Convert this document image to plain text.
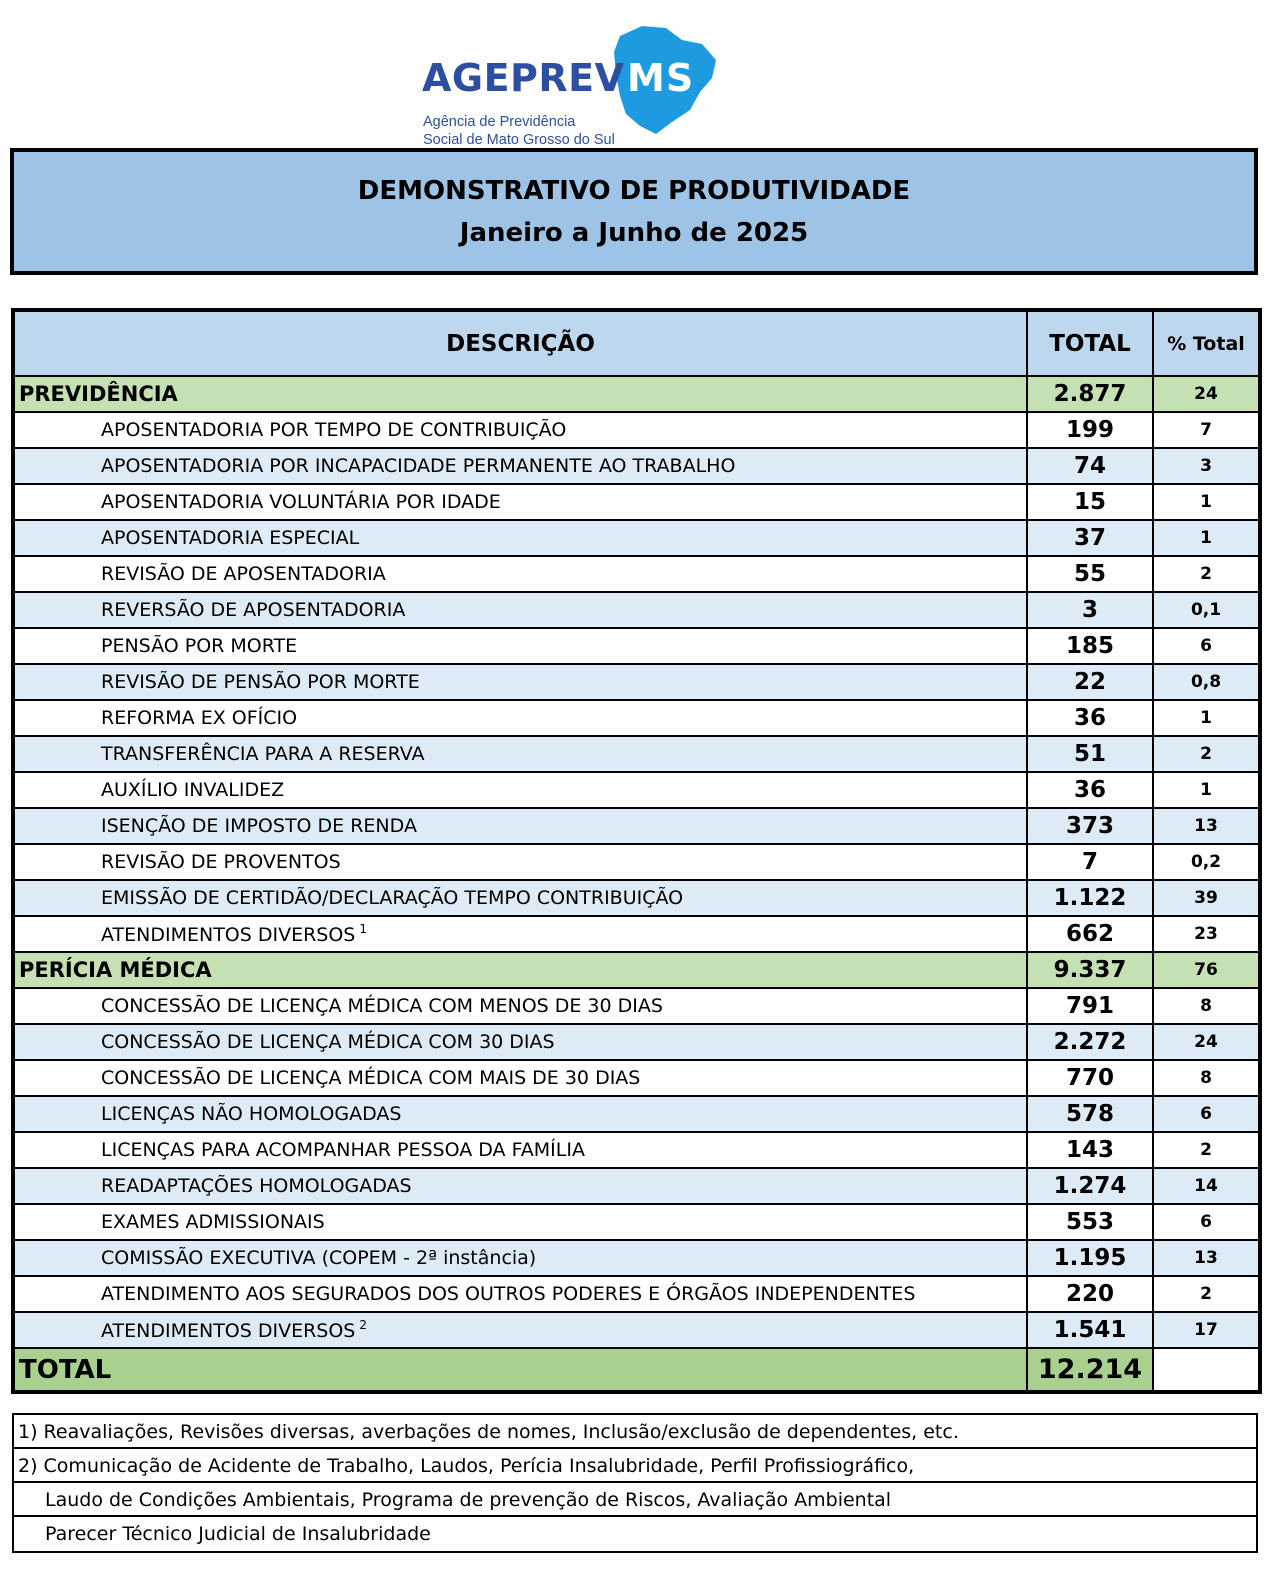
AGEPREV MS
Agência de Previdência
Social de Mato Grosso do Sul
DEMONSTRATIVO DE PRODUTIVIDADE
Janeiro a Junho de 2025
DESCRIÇÃO	TOTAL	% Total
PREVIDÊNCIA	2.877	24
APOSENTADORIA POR TEMPO DE CONTRIBUIÇÃO	199	7
APOSENTADORIA POR INCAPACIDADE PERMANENTE AO TRABALHO	74	3
APOSENTADORIA VOLUNTÁRIA POR IDADE	15	1
APOSENTADORIA ESPECIAL	37	1
REVISÃO DE APOSENTADORIA	55	2
REVERSÃO DE APOSENTADORIA	3	0,1
PENSÃO POR MORTE	185	6
REVISÃO DE PENSÃO POR MORTE	22	0,8
REFORMA EX OFÍCIO	36	1
TRANSFERÊNCIA PARA A RESERVA	51	2
AUXÍLIO INVALIDEZ	36	1
ISENÇÃO DE IMPOSTO DE RENDA	373	13
REVISÃO DE PROVENTOS	7	0,2
EMISSÃO DE CERTIDÃO/DECLARAÇÃO TEMPO CONTRIBUIÇÃO	1.122	39
ATENDIMENTOS DIVERSOS $^1$	662	23
PERÍCIA MÉDICA	9.337	76
CONCESSÃO DE LICENÇA MÉDICA COM MENOS DE 30 DIAS	791	8
CONCESSÃO DE LICENÇA MÉDICA COM 30 DIAS	2.272	24
CONCESSÃO DE LICENÇA MÉDICA COM MAIS DE 30 DIAS	770	8
LICENÇAS NÃO HOMOLOGADAS	578	6
LICENÇAS PARA ACOMPANHAR PESSOA DA FAMÍLIA	143	2
READAPTAÇÕES HOMOLOGADAS	1.274	14
EXAMES ADMISSIONAIS	553	6
COMISSÃO EXECUTIVA (COPEM - 2ª instância)	1.195	13
ATENDIMENTO AOS SEGURADOS DOS OUTROS PODERES E ÓRGÃOS INDEPENDENTES	220	2
ATENDIMENTOS DIVERSOS $^2$	1.541	17
TOTAL	12.214	
1) Reavaliações, Revisões diversas, averbações de nomes, Inclusão/exclusão de dependentes, etc.
2) Comunicação de Acidente de Trabalho, Laudos, Perícia Insalubridade, Perfil Profissiográfico,
Laudo de Condições Ambientais, Programa de prevenção de Riscos, Avaliação Ambiental
Parecer Técnico Judicial de Insalubridade
